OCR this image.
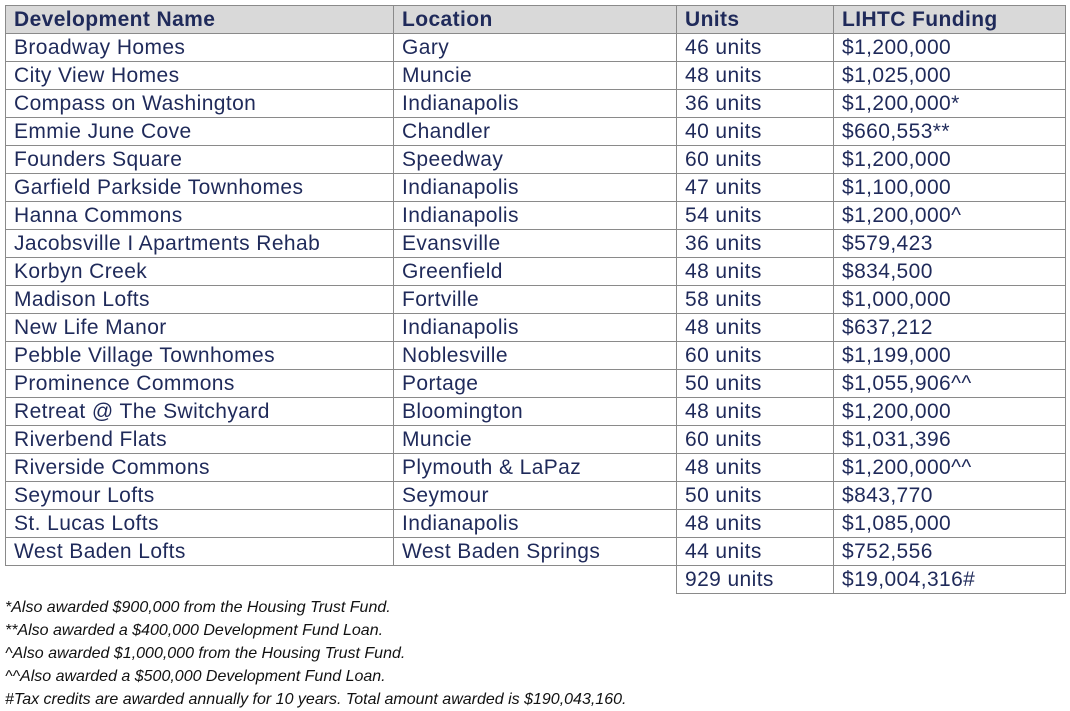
Development Name	Location	Units	LIHTC Funding
Broadway Homes	Gary	46 units	$1,200,000
City View Homes	Muncie	48 units	$1,025,000
Compass on Washington	Indianapolis	36 units	$1,200,000*
Emmie June Cove	Chandler	40 units	$660,553**
Founders Square	Speedway	60 units	$1,200,000
Garfield Parkside Townhomes	Indianapolis	47 units	$1,100,000
Hanna Commons	Indianapolis	54 units	$1,200,000^
Jacobsville I Apartments Rehab	Evansville	36 units	$579,423
Korbyn Creek	Greenfield	48 units	$834,500
Madison Lofts	Fortville	58 units	$1,000,000
New Life Manor	Indianapolis	48 units	$637,212
Pebble Village Townhomes	Noblesville	60 units	$1,199,000
Prominence Commons	Portage	50 units	$1,055,906^^
Retreat @ The Switchyard	Bloomington	48 units	$1,200,000
Riverbend Flats	Muncie	60 units	$1,031,396
Riverside Commons	Plymouth & LaPaz	48 units	$1,200,000^^
Seymour Lofts	Seymour	50 units	$843,770
St. Lucas Lofts	Indianapolis	48 units	$1,085,000
West Baden Lofts	West Baden Springs	44 units	$752,556
		929 units	$19,004,316#
*Also awarded $900,000 from the Housing Trust Fund.
**Also awarded a $400,000 Development Fund Loan.
^Also awarded $1,000,000 from the Housing Trust Fund.
^^Also awarded a $500,000 Development Fund Loan.
#Tax credits are awarded annually for 10 years. Total amount awarded is $190,043,160.
